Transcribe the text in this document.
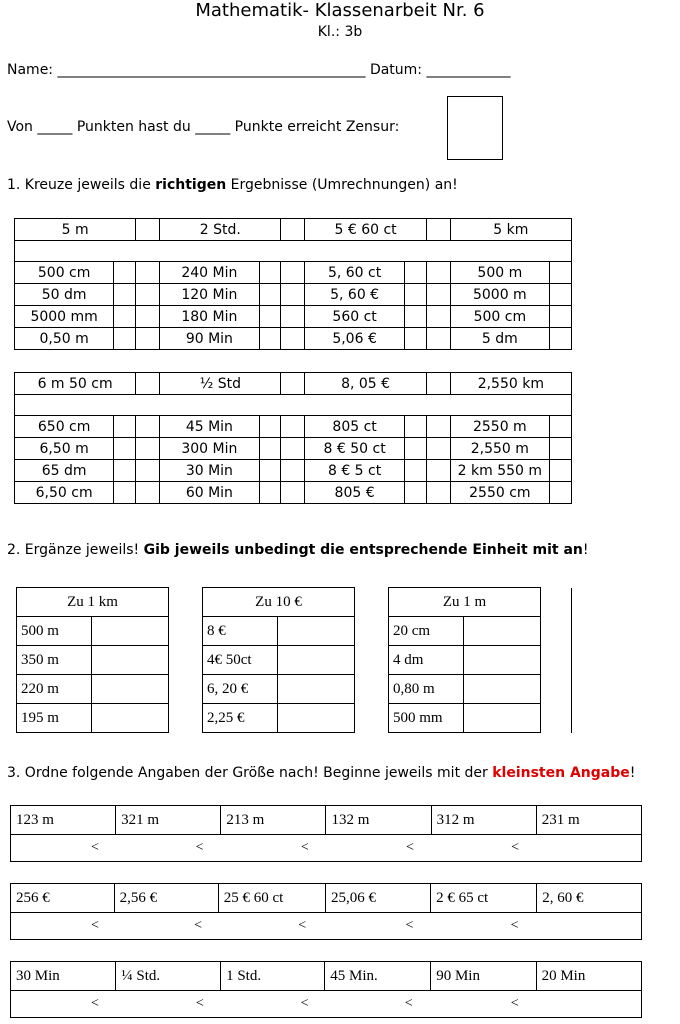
Mathematik- Klassenarbeit Nr. 6
Kl.: 3b
Name: ____________________________________________ Datum: ____________
Von _____ Punkten hast du _____ Punkte erreicht Zensur:
1. Kreuze jeweils die richtigen Ergebnisse (Umrechnungen) an!
5 m			2 Std.			5 € 60 ct			5 km	

500 cm			240 Min			5, 60 ct			500 m	
50 dm			120 Min			5, 60 €			5000 m	
5000 mm			180 Min			560 ct			500 cm	
0,50 m			90 Min			5,06 €			5 dm	
6 m 50 cm			½ Std			8, 05 €			2,550 km	

650 cm			45 Min			805 ct			2550 m	
6,50 m			300 Min			8 € 50 ct			2,550 m	
65 dm			30 Min			8 € 5 ct			2 km 550 m	
6,50 cm			60 Min			805 €			2550 cm	
2. Ergänze jeweils! Gib jeweils unbedingt die entsprechende Einheit mit an!
Zu 1 km			Zu 10 €			Zu 1 m		
500 m			8 €			20 cm		
350 m			4€ 50ct			4 dm		
220 m			6, 20 €			0,80 m		
195 m			2,25 €			500 mm		
3. Ordne folgende Angaben der Größe nach! Beginne jeweils mit der kleinsten Angabe!
123 m	321 m	213 m	132 m	312 m	231 m

<	<	<	<	<	

256 €	2,56 €	25 € 60 ct	25,06 €	2 € 65 ct	2, 60 €

<	<	<	<	<	

30 Min	¼ Std.	1 Std.	45 Min.	90 Min	20 Min

<	<	<	<	<	
